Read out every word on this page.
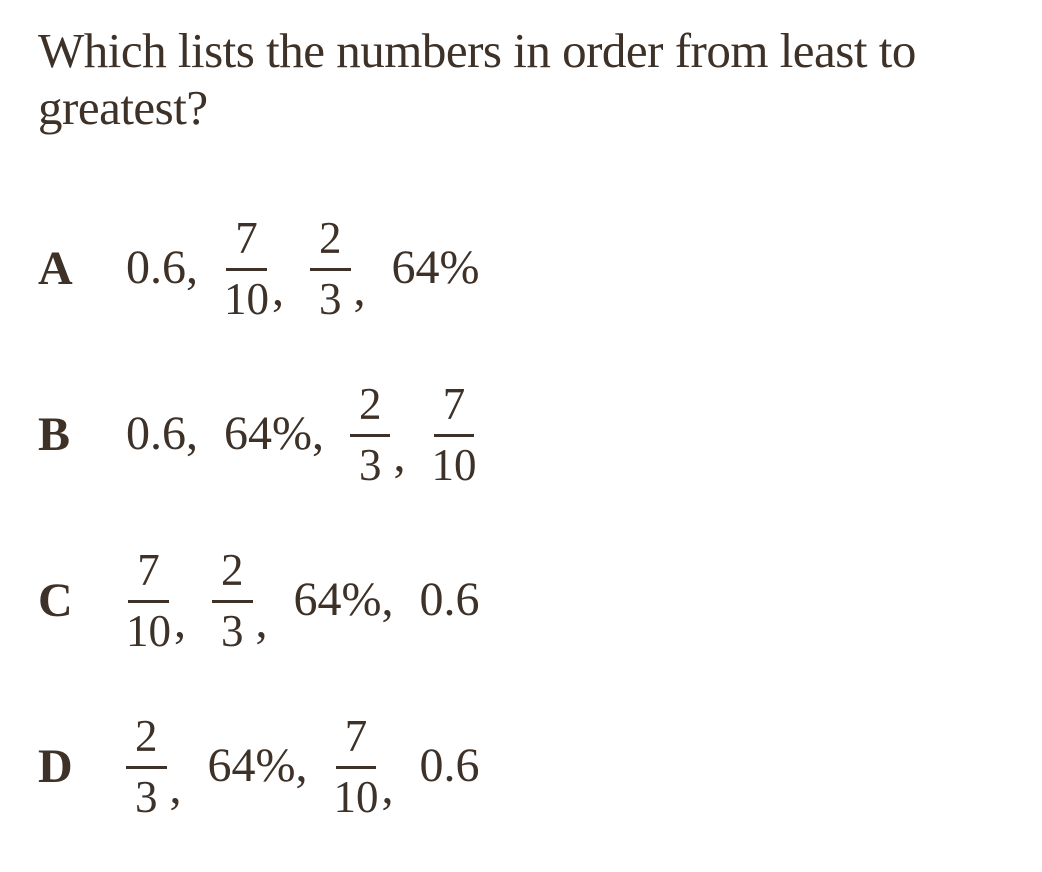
Which lists the numbers in order from least to
greatest?
A	0.6 , $\frac{7}{10}$ , $\frac{2}{3}$ , 64%
B	0.6 , 64% , $\frac{2}{3}$ , $\frac{7}{10}$
C	$\frac{7}{10}$ , $\frac{2}{3}$ , 64% , 0.6
D	$\frac{2}{3}$ , 64% , $\frac{7}{10}$ , 0.6
